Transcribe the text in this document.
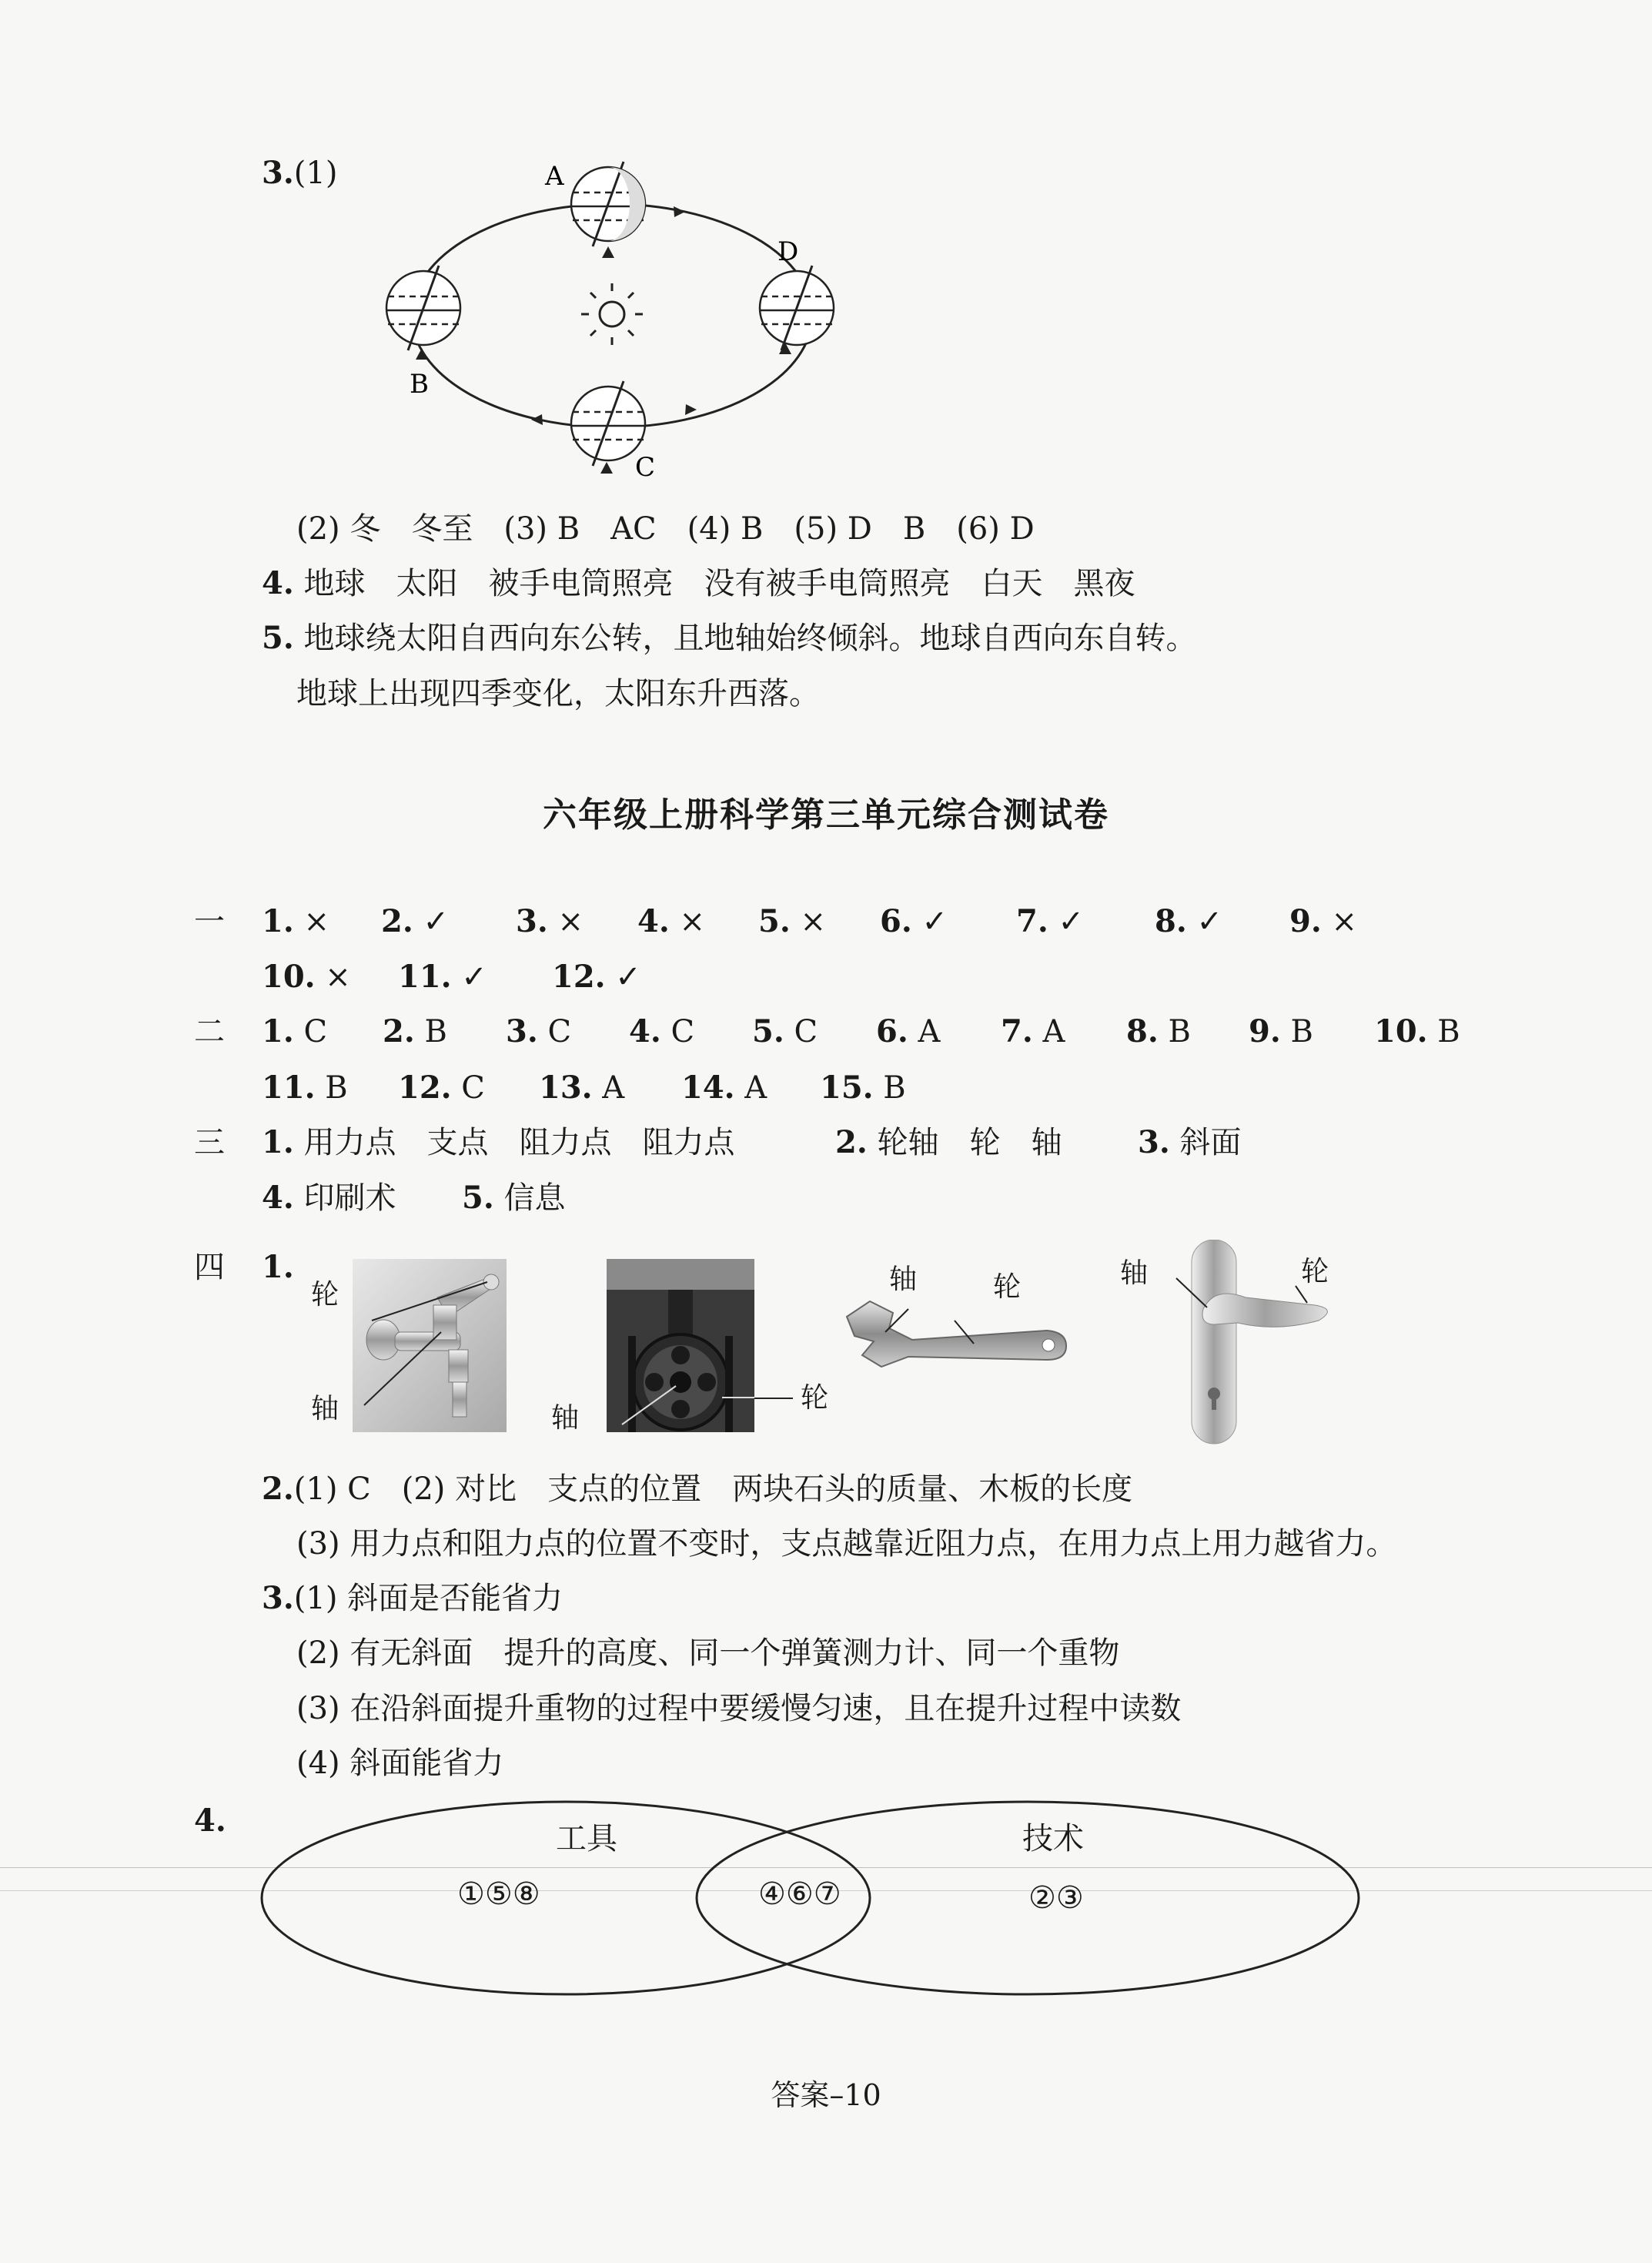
3.(1)	A
B
C
D
(2) 冬　冬至　(3) B　AC　(4) B　(5) D　B　(6) D
4. 地球　太阳　被手电筒照亮　没有被手电筒照亮　白天　黑夜
5. 地球绕太阳自西向东公转，且地轴始终倾斜。地球自西向东自转。
地球上出现四季变化，太阳东升西落。
六年级上册科学第三单元综合测试卷
一 1. × 2. ✓ 3. × 4. × 5. × 6. ✓ 7. ✓ 8. ✓ 9. ×
10. × 11. ✓ 12. ✓
二 1. C 2. B 3. C 4. C 5. C 6. A 7. A 8. B 9. B 10. B
11. B 12. C 13. A 14. A 15. B
三 1. 用力点　支点　阻力点　阻力点	2. 轮轴　轮　轴 3. 斜面
4. 印刷术 5. 信息
四 1.
轮
轴	轴
轮
轴	轮	轴	轮
2.(1) C　(2) 对比　支点的位置　两块石头的质量、木板的长度
(3) 用力点和阻力点的位置不变时，支点越靠近阻力点，在用力点上用力越省力。
3.(1) 斜面是否能省力
(2) 有无斜面　提升的高度、同一个弹簧测力计、同一个重物
(3) 在沿斜面提升重物的过程中要缓慢匀速，且在提升过程中读数
(4) 斜面能省力
4.	工具	技术
①⑤⑧	④⑥⑦	②③
答案–10
